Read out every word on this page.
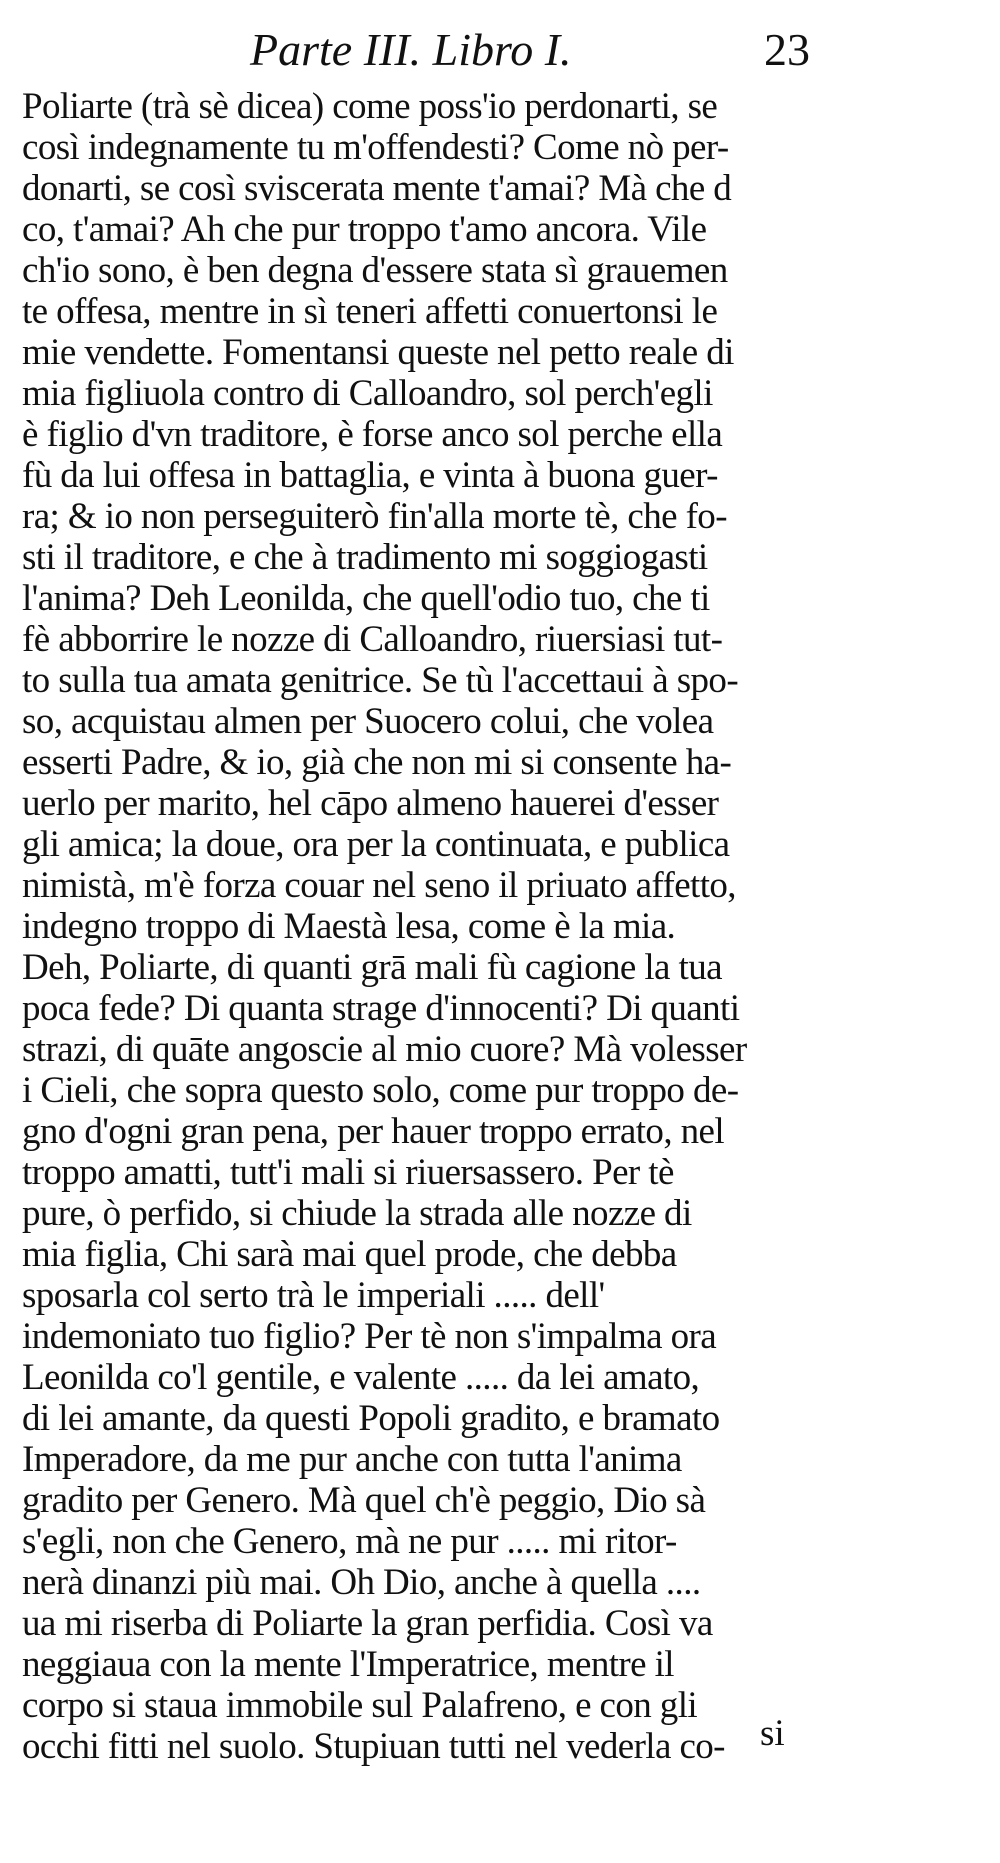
Parte III. Libro I.	23
Poliarte (trà sè dicea) come poss'io perdonarti, se
così indegnamente tu m'offendesti? Come nò per-
donarti, se così sviscerata mente t'amai? Mà che d
co, t'amai? Ah che pur troppo t'amo ancora. Vile
ch'io sono, è ben degna d'essere stata sì grauemen
te offesa, mentre in sì teneri affetti conuertonsi le
mie vendette. Fomentansi queste nel petto reale di
mia figliuola contro di Calloandro, sol perch'egli
è figlio d'vn traditore, è forse anco sol perche ella
fù da lui offesa in battaglia, e vinta à buona guer-
ra; & io non perseguiterò fin'alla morte tè, che fo-
sti il traditore, e che à tradimento mi soggiogasti
l'anima? Deh Leonilda, che quell'odio tuo, che ti
fè abborrire le nozze di Calloandro, riuersiasi tut-
to sulla tua amata genitrice. Se tù l'accettaui à spo-
so, acquistau almen per Suocero colui, che volea
esserti Padre, & io, già che non mi si consente ha-
uerlo per marito, hel cāpo almeno hauerei d'esser
gli amica; la doue, ora per la continuata, e publica
nimistà, m'è forza couar nel seno il priuato affetto,
indegno troppo di Maestà lesa, come è la mia.
Deh, Poliarte, di quanti grā mali fù cagione la tua
poca fede? Di quanta strage d'innocenti? Di quanti
strazi, di quāte angoscie al mio cuore? Mà volesser
i Cieli, che sopra questo solo, come pur troppo de-
gno d'ogni gran pena, per hauer troppo errato, nel
troppo amatti, tutt'i mali si riuersassero. Per tè
pure, ò perfido, si chiude la strada alle nozze di
mia figlia, Chi sarà mai quel prode, che debba
sposarla col serto trà le imperiali ..... dell'
indemoniato tuo figlio? Per tè non s'impalma ora
Leonilda co'l gentile, e valente ..... da lei amato,
di lei amante, da questi Popoli gradito, e bramato
Imperadore, da me pur anche con tutta l'anima
gradito per Genero. Mà quel ch'è peggio, Dio sà
s'egli, non che Genero, mà ne pur ..... mi ritor-
nerà dinanzi più mai. Oh Dio, anche à quella ....
ua mi riserba di Poliarte la gran perfidia. Così va
neggiaua con la mente l'Imperatrice, mentre il
corpo si staua immobile sul Palafreno, e con gli
occhi fitti nel suolo. Stupiuan tutti nel vederla co- si
